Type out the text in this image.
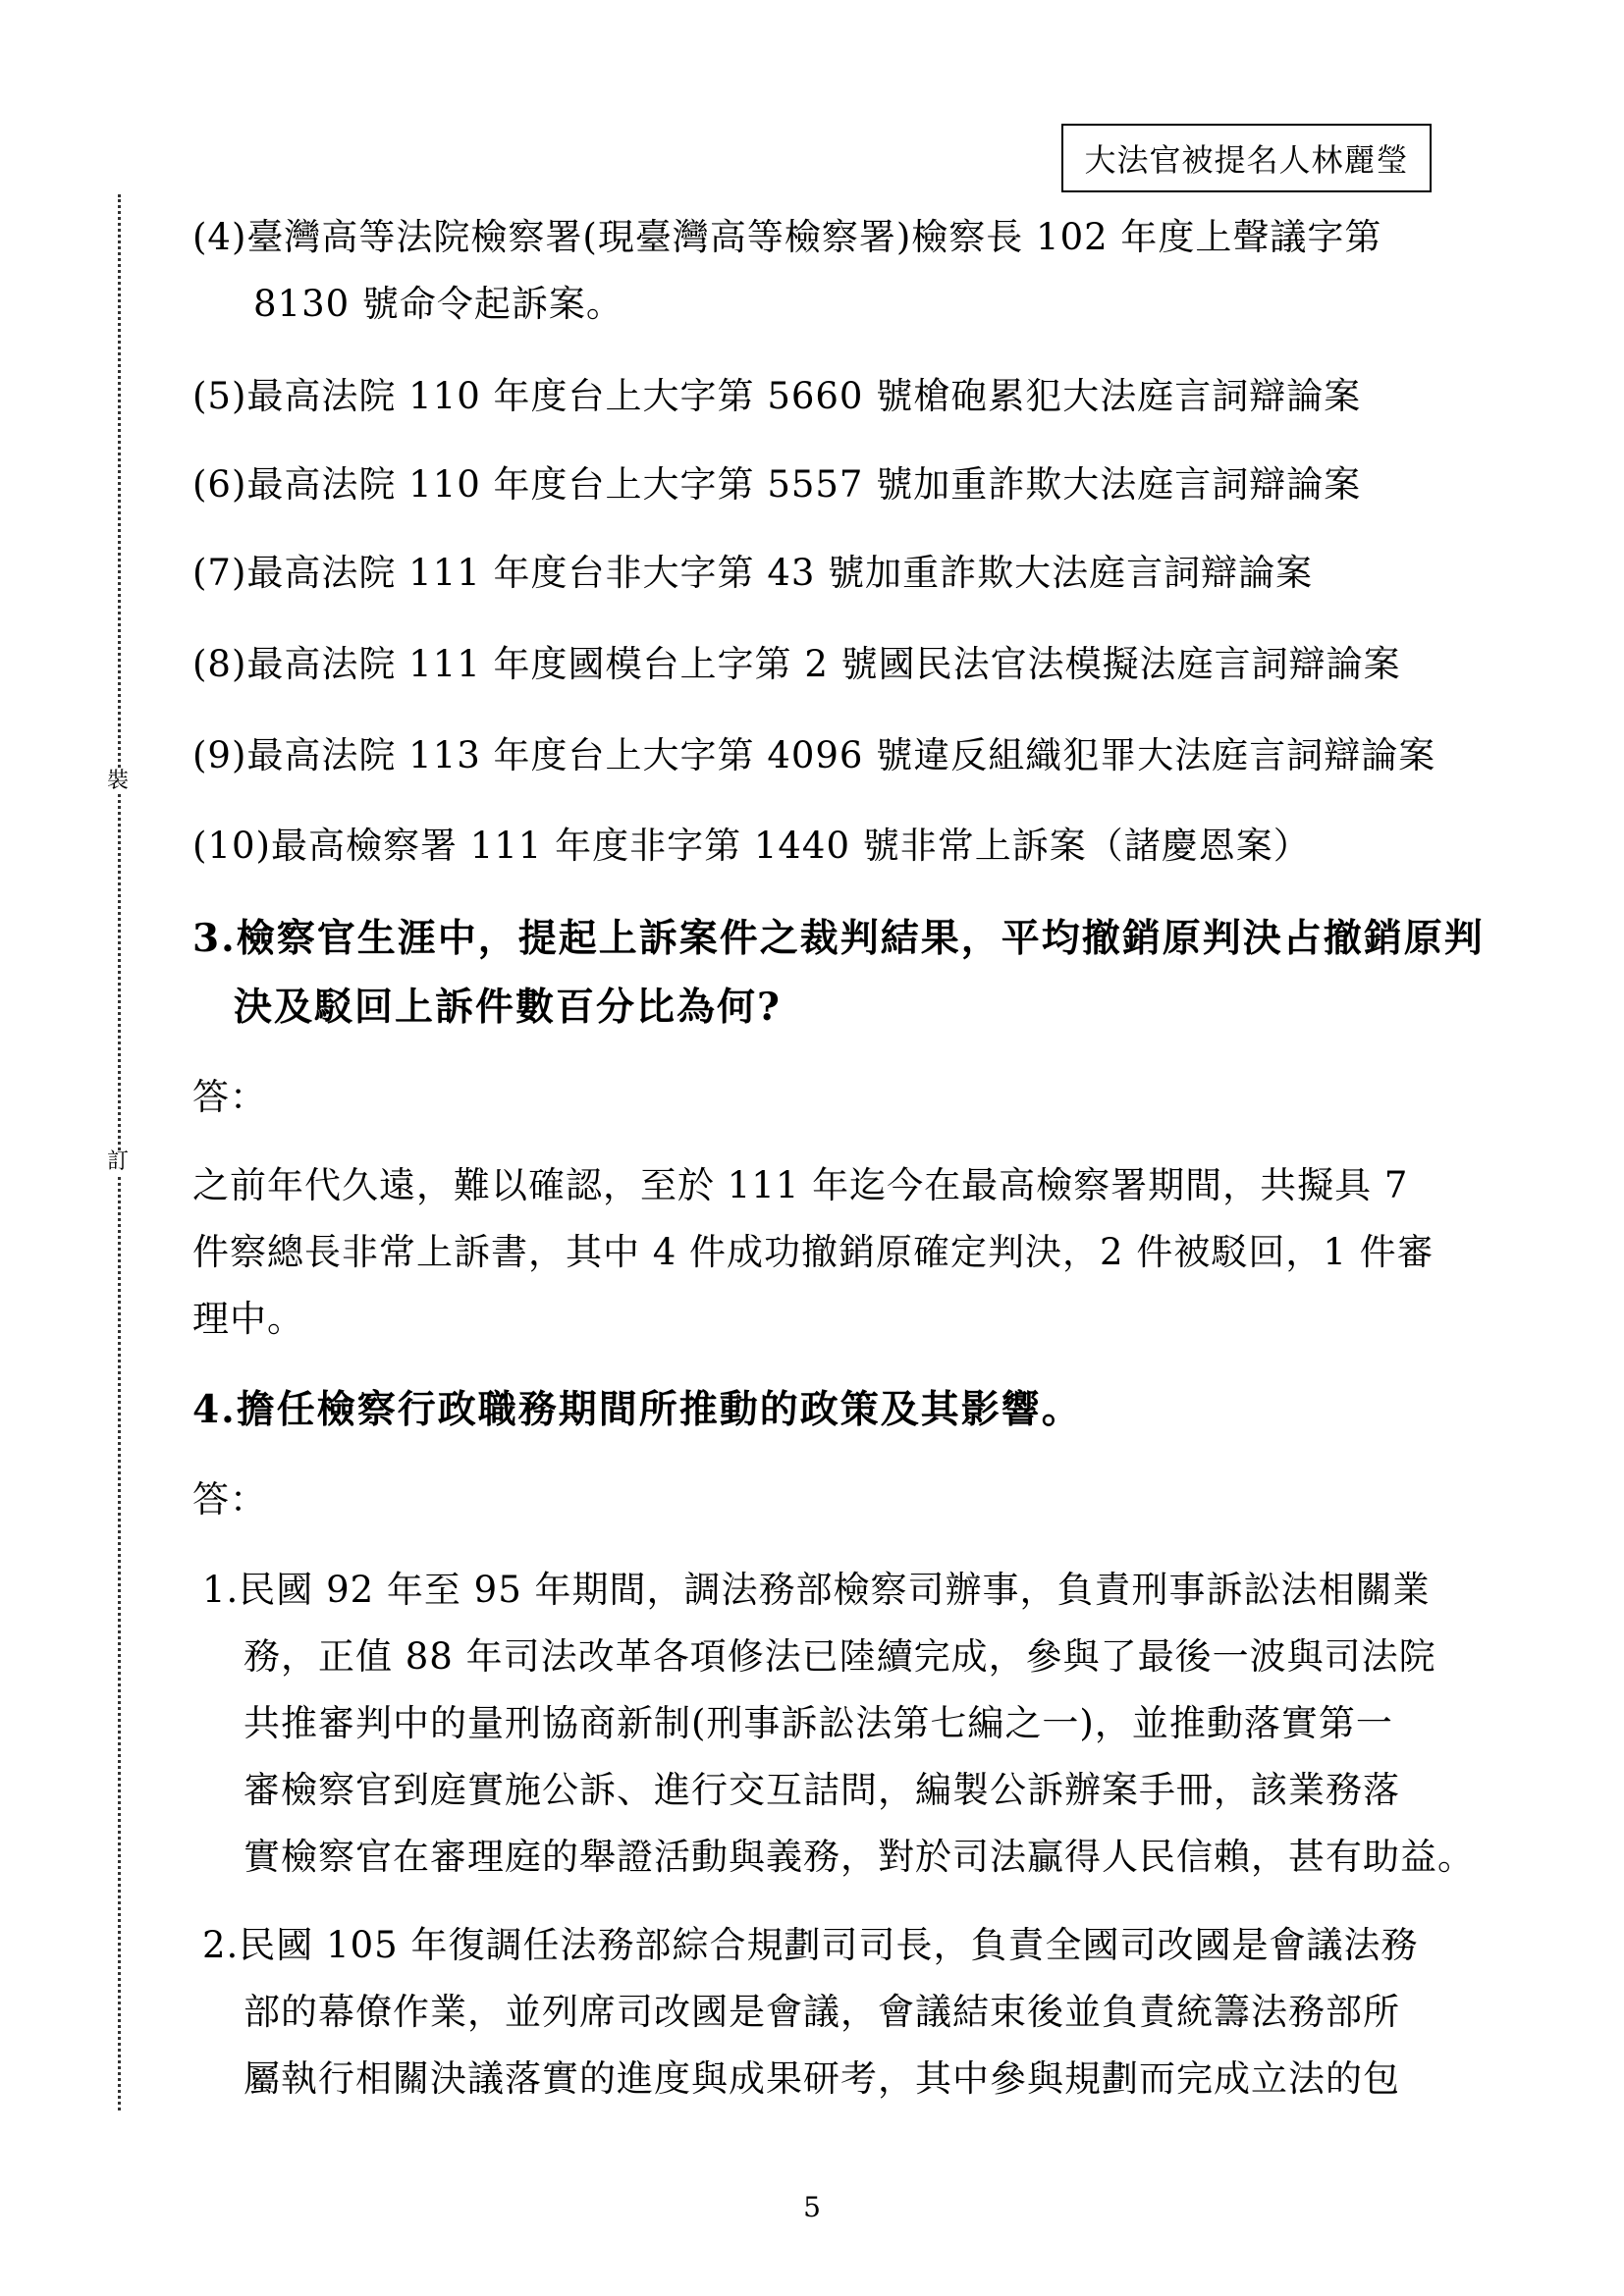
大法官被提名人林麗瑩
裝
訂
(4)臺灣高等法院檢察署(現臺灣高等檢察署)檢察長 102 年度上聲議字第
8130 號命令起訴案。
(5)最高法院 110 年度台上大字第 5660 號槍砲累犯大法庭言詞辯論案
(6)最高法院 110 年度台上大字第 5557 號加重詐欺大法庭言詞辯論案
(7)最高法院 111 年度台非大字第 43 號加重詐欺大法庭言詞辯論案
(8)最高法院 111 年度國模台上字第 2 號國民法官法模擬法庭言詞辯論案
(9)最高法院 113 年度台上大字第 4096 號違反組織犯罪大法庭言詞辯論案
(10)最高檢察署 111 年度非字第 1440 號非常上訴案（諸慶恩案）
3.檢察官生涯中，提起上訴案件之裁判結果，平均撤銷原判決占撤銷原判
決及駁回上訴件數百分比為何?
答：
之前年代久遠，難以確認，至於 111 年迄今在最高檢察署期間，共擬具 7
件察總長非常上訴書，其中 4 件成功撤銷原確定判決，2 件被駁回，1 件審
理中。
4.擔任檢察行政職務期間所推動的政策及其影響。
答：
1.民國 92 年至 95 年期間，調法務部檢察司辦事，負責刑事訴訟法相關業
務，正值 88 年司法改革各項修法已陸續完成，參與了最後一波與司法院
共推審判中的量刑協商新制(刑事訴訟法第七編之一)，並推動落實第一
審檢察官到庭實施公訴、進行交互詰問，編製公訴辦案手冊，該業務落
實檢察官在審理庭的舉證活動與義務，對於司法贏得人民信賴，甚有助益。
2.民國 105 年復調任法務部綜合規劃司司長，負責全國司改國是會議法務
部的幕僚作業，並列席司改國是會議，會議結束後並負責統籌法務部所
屬執行相關決議落實的進度與成果研考，其中參與規劃而完成立法的包
5
